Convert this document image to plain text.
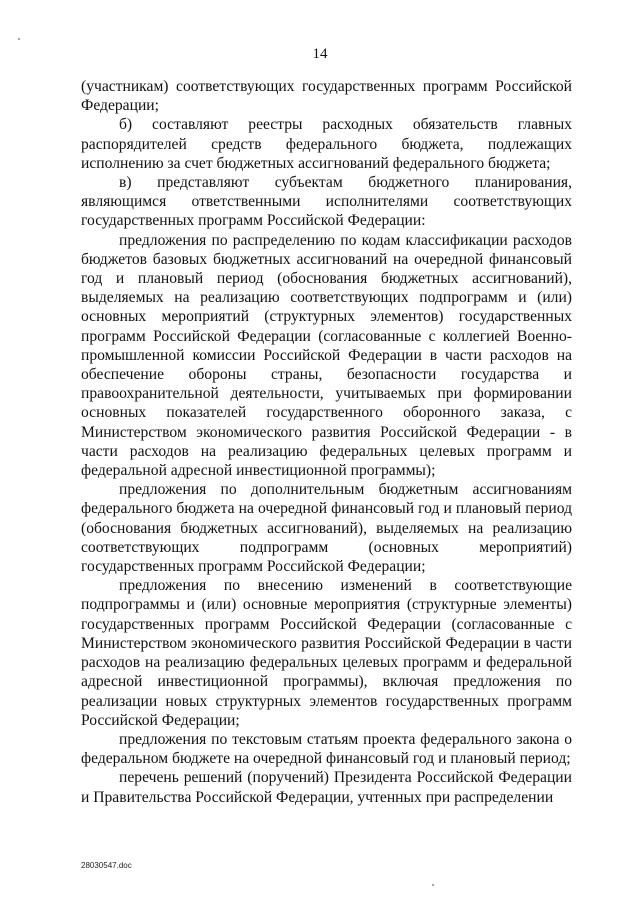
14

(участникам) соответствующих государственных программ Российской Федерации;

б) составляют реестры расходных обязательств главных распорядителей средств федерального бюджета, подлежащих исполнению за счет бюджетных ассигнований федерального бюджета;

в) представляют субъектам бюджетного планирования, являющимся ответственными исполнителями соответствующих государственных программ Российской Федерации:

предложения по распределению по кодам классификации расходов бюджетов базовых бюджетных ассигнований на очередной финансовый год и плановый период (обоснования бюджетных ассигнований), выделяемых на реализацию соответствующих подпрограмм и (или) основных мероприятий (структурных элементов) государственных программ Российской Федерации (согласованные с коллегией Военно-промышленной комиссии Российской Федерации в части расходов на обеспечение обороны страны, безопасности государства и правоохранительной деятельности, учитываемых при формировании основных показателей государственного оборонного заказа, с Министерством экономического развития Российской Федерации - в части расходов на реализацию федеральных целевых программ и федеральной адресной инвестиционной программы);

предложения по дополнительным бюджетным ассигнованиям федерального бюджета на очередной финансовый год и плановый период (обоснования бюджетных ассигнований), выделяемых на реализацию соответствующих подпрограмм (основных мероприятий) государственных программ Российской Федерации;

предложения по внесению изменений в соответствующие подпрограммы и (или) основные мероприятия (структурные элементы) государственных программ Российской Федерации (согласованные с Министерством экономического развития Российской Федерации в части расходов на реализацию федеральных целевых программ и федеральной адресной инвестиционной программы), включая предложения по реализации новых структурных элементов государственных программ Российской Федерации;

предложения по текстовым статьям проекта федерального закона о федеральном бюджете на очередной финансовый год и плановый период;

перечень решений (поручений) Президента Российской Федерации и Правительства Российской Федерации, учтенных при распределении

28030547.doc
